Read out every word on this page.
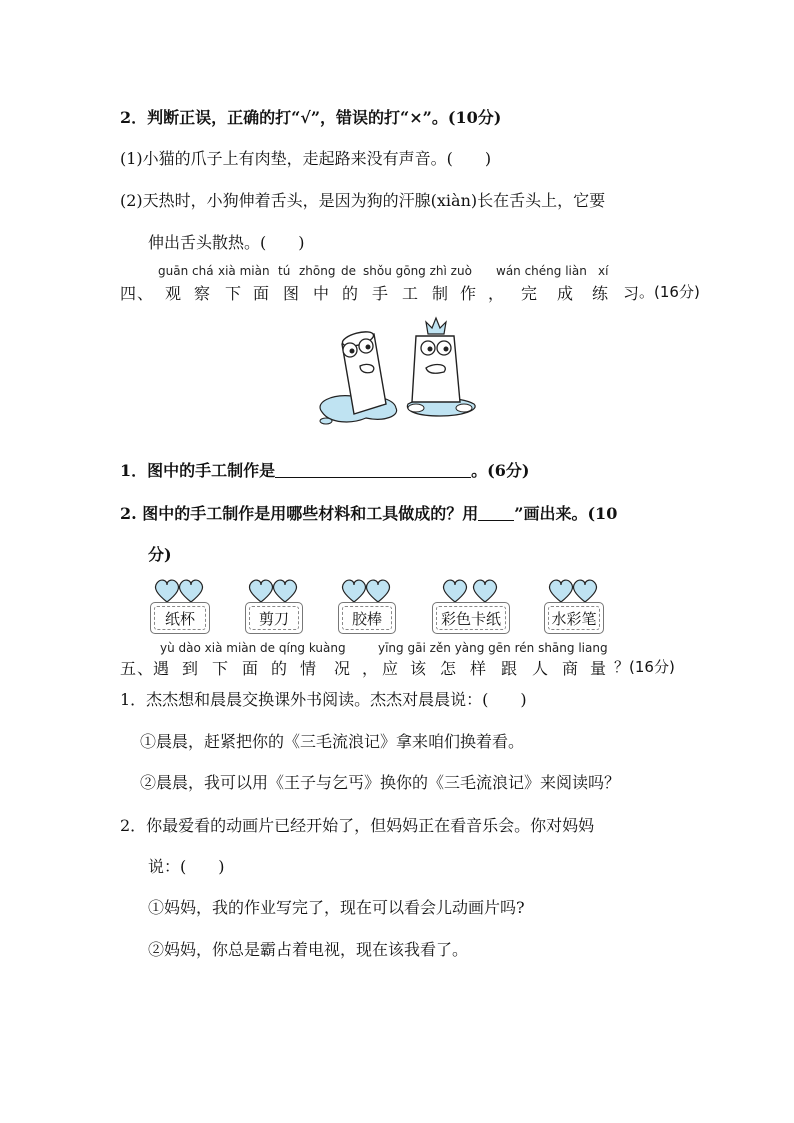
2．判断正误，正确的打“√”，错误的打“×”。(10分)
(1)小猫的爪子上有肉垫，走起路来没有声音。(　　)
(2)天热时，小狗伸着舌头，是因为狗的汗腺(xiàn)长在舌头上，它要
伸出舌头散热。(　　)
guān chá xià miàn tú zhōng de shǒu gōng zhì zuò wán chéng liàn xí
四 、 观 察 下 面 图 中 的 手 工 制 作 ， 完 成 练 习 。(16分)
1．图中的手工制作是	。(6分)
2. 图中的手工制作是用哪些材料和工具做成的？用 ”画出来。(10
分)
纸杯	剪刀	胶棒	彩色卡纸	水彩笔
yù dào xià miàn de qíng kuàng	yīng gāi zěn yàng gēn rén shāng liang
五 、 遇 到 下 面 的 情 况 ， 应 该 怎 样 跟 人 商 量 ？(16分)
1．杰杰想和晨晨交换课外书阅读。杰杰对晨晨说：(　　)
①晨晨，赶紧把你的《三毛流浪记》拿来咱们换着看。
②晨晨，我可以用《王子与乞丐》换你的《三毛流浪记》来阅读吗？
2．你最爱看的动画片已经开始了，但妈妈正在看音乐会。你对妈妈
说：(　　)
①妈妈，我的作业写完了，现在可以看会儿动画片吗?
②妈妈，你总是霸占着电视，现在该我看了。
